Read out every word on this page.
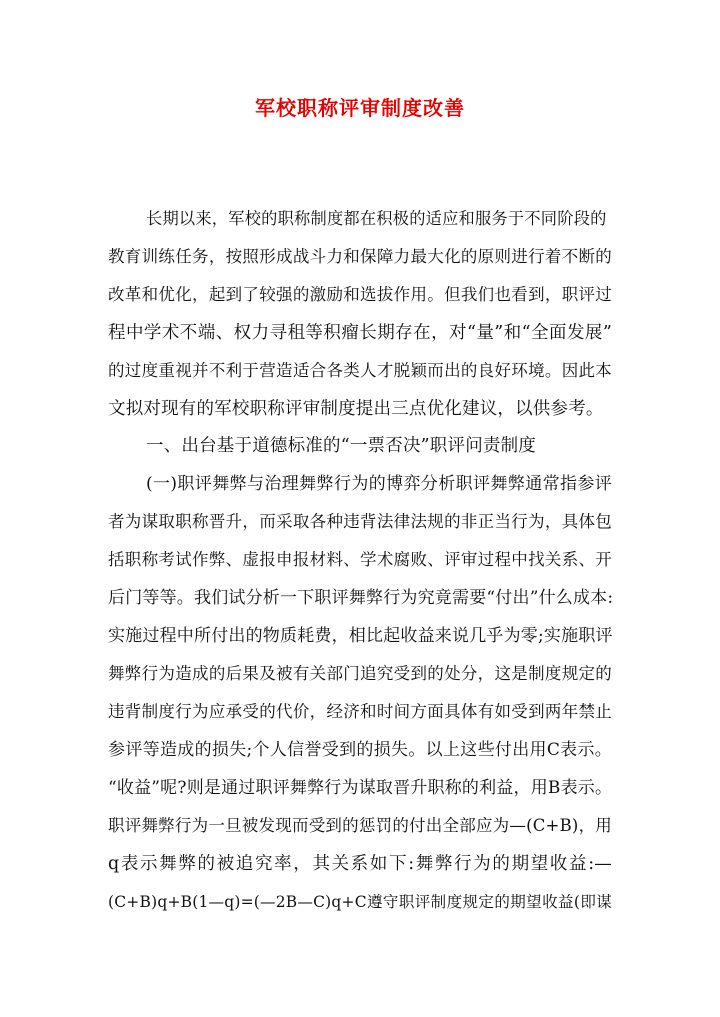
军校职称评审制度改善
长期以来，军校的职称制度都在积极的适应和服务于不同阶段的
教育训练任务，按照形成战斗力和保障力最大化的原则进行着不断的
改革和优化，起到了较强的激励和选拔作用。但我们也看到，职评过
程中学术不端、权力寻租等积瘤长期存在，对“量”和“全面发展”
的过度重视并不利于营造适合各类人才脱颖而出的良好环境。因此本
文拟对现有的军校职称评审制度提出三点优化建议，以供参考。
一、出台基于道德标准的“一票否决”职评问责制度
(一)职评舞弊与治理舞弊行为的博弈分析职评舞弊通常指参评
者为谋取职称晋升，而采取各种违背法律法规的非正当行为，具体包
括职称考试作弊、虚报申报材料、学术腐败、评审过程中找关系、开
后门等等。我们试分析一下职评舞弊行为究竟需要“付出”什么成本:
实施过程中所付出的物质耗费，相比起收益来说几乎为零;实施职评
舞弊行为造成的后果及被有关部门追究受到的处分，这是制度规定的
违背制度行为应承受的代价，经济和时间方面具体有如受到两年禁止
参评等造成的损失;个人信誉受到的损失。以上这些付出用C表示。
“收益”呢?则是通过职评舞弊行为谋取晋升职称的利益，用B表示。
职评舞弊行为一旦被发现而受到的惩罚的付出全部应为—(C+B)，用
q表示舞弊的被追究率，其关系如下:舞弊行为的期望收益:—
(C+B)q+B(1—q)=(—2B—C)q+C遵守职评制度规定的期望收益(即谋
